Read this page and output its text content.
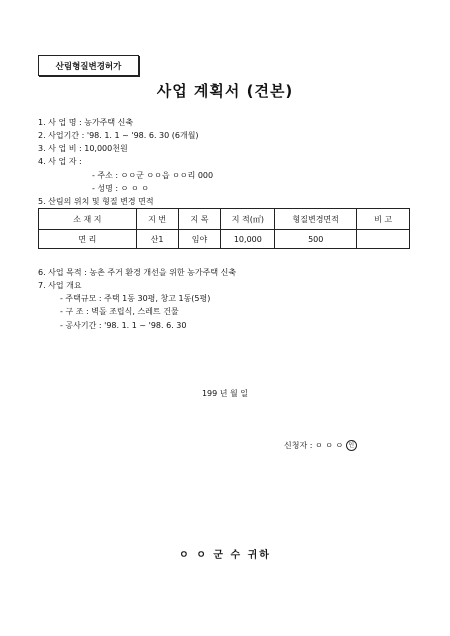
산림형질변경허가
사업 계획서 (견본)
1. 사 업 명 : 농가주택 신축
2. 사업기간 : '98. 1. 1 ~ '98. 6. 30 (6개월)
3. 사 업 비 : 10,000천원
4. 사 업 자 :
- 주소 : ㅇㅇ군 ㅇㅇ읍 ㅇㅇ리 000
- 성명 : ㅇ ㅇ ㅇ
5. 산림의 위치 및 형질 변경 면적
소 재 지	지 번	지 목	지 적(㎡)	형질변경면적	비 고
면 리	산1	임야	10,000	500	
6. 사업 목적 : 농촌 주거 환경 개선을 위한 농가주택 신축
7. 사업 개요
- 주택규모 : 주택 1동 30평, 창고 1동(5평)
- 구 조 : 벽돌 조립식, 스레트 건물
- 공사기간 : '98. 1. 1 ~ '98. 6. 30
199 년 월 일
신청자 : ㅇ ㅇ ㅇ 인
ㅇ ㅇ 군 수 귀하
